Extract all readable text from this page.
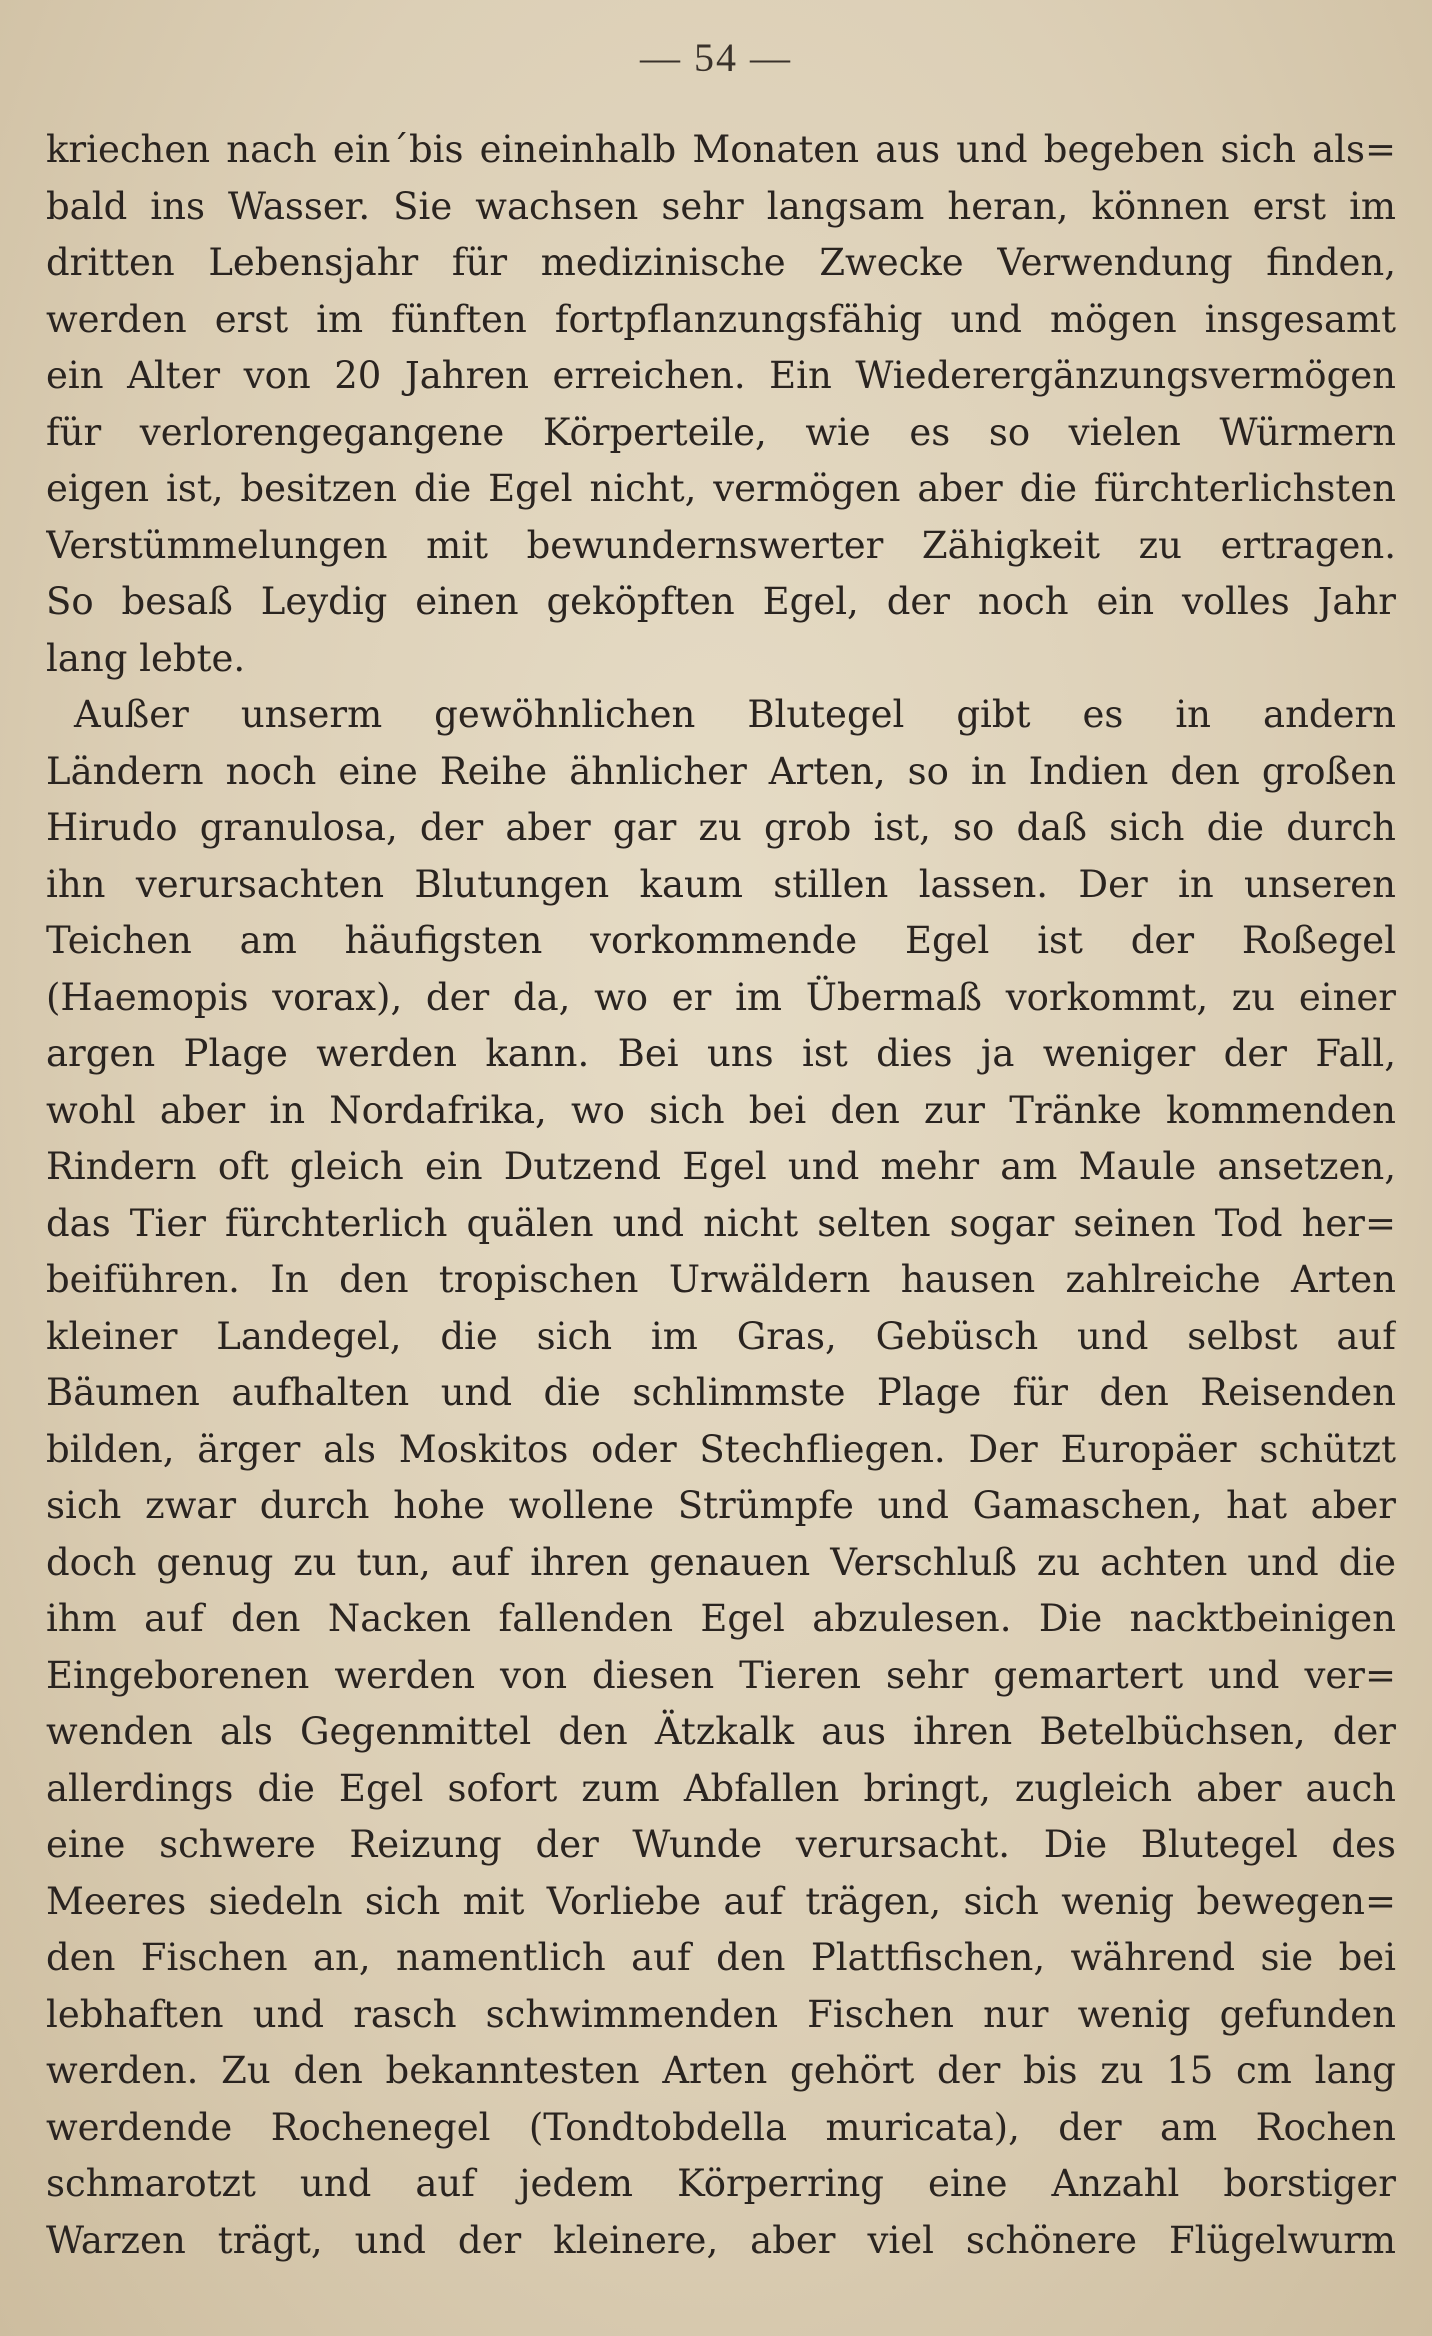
— 54 —
kriechen nach ein´bis eineinhalb Monaten aus und begeben sich als=
bald ins Wasser. Sie wachsen sehr langsam heran, können erst im
dritten Lebensjahr für medizinische Zwecke Verwendung finden,
werden erst im fünften fortpflanzungsfähig und mögen insgesamt
ein Alter von 20 Jahren erreichen. Ein Wiederergänzungsvermögen
für verlorengegangene Körperteile, wie es so vielen Würmern
eigen ist, besitzen die Egel nicht, vermögen aber die fürchterlichsten
Verstümmelungen mit bewundernswerter Zähigkeit zu ertragen.
So besaß Leydig einen geköpften Egel, der noch ein volles Jahr
lang lebte.
Außer unserm gewöhnlichen Blutegel gibt es in andern
Ländern noch eine Reihe ähnlicher Arten, so in Indien den großen
Hirudo granulosa, der aber gar zu grob ist, so daß sich die durch
ihn verursachten Blutungen kaum stillen lassen. Der in unseren
Teichen am häufigsten vorkommende Egel ist der Roßegel
(Haemopis vorax), der da, wo er im Übermaß vorkommt, zu einer
argen Plage werden kann. Bei uns ist dies ja weniger der Fall,
wohl aber in Nordafrika, wo sich bei den zur Tränke kommenden
Rindern oft gleich ein Dutzend Egel und mehr am Maule ansetzen,
das Tier fürchterlich quälen und nicht selten sogar seinen Tod her=
beiführen. In den tropischen Urwäldern hausen zahlreiche Arten
kleiner Landegel, die sich im Gras, Gebüsch und selbst auf
Bäumen aufhalten und die schlimmste Plage für den Reisenden
bilden, ärger als Moskitos oder Stechfliegen. Der Europäer schützt
sich zwar durch hohe wollene Strümpfe und Gamaschen, hat aber
doch genug zu tun, auf ihren genauen Verschluß zu achten und die
ihm auf den Nacken fallenden Egel abzulesen. Die nacktbeinigen
Eingeborenen werden von diesen Tieren sehr gemartert und ver=
wenden als Gegenmittel den Ätzkalk aus ihren Betelbüchsen, der
allerdings die Egel sofort zum Abfallen bringt, zugleich aber auch
eine schwere Reizung der Wunde verursacht. Die Blutegel des
Meeres siedeln sich mit Vorliebe auf trägen, sich wenig bewegen=
den Fischen an, namentlich auf den Plattfischen, während sie bei
lebhaften und rasch schwimmenden Fischen nur wenig gefunden
werden. Zu den bekanntesten Arten gehört der bis zu 15 cm lang
werdende Rochenegel (Tondtobdella muricata), der am Rochen
schmarotzt und auf jedem Körperring eine Anzahl borstiger
Warzen trägt, und der kleinere, aber viel schönere Flügelwurm
